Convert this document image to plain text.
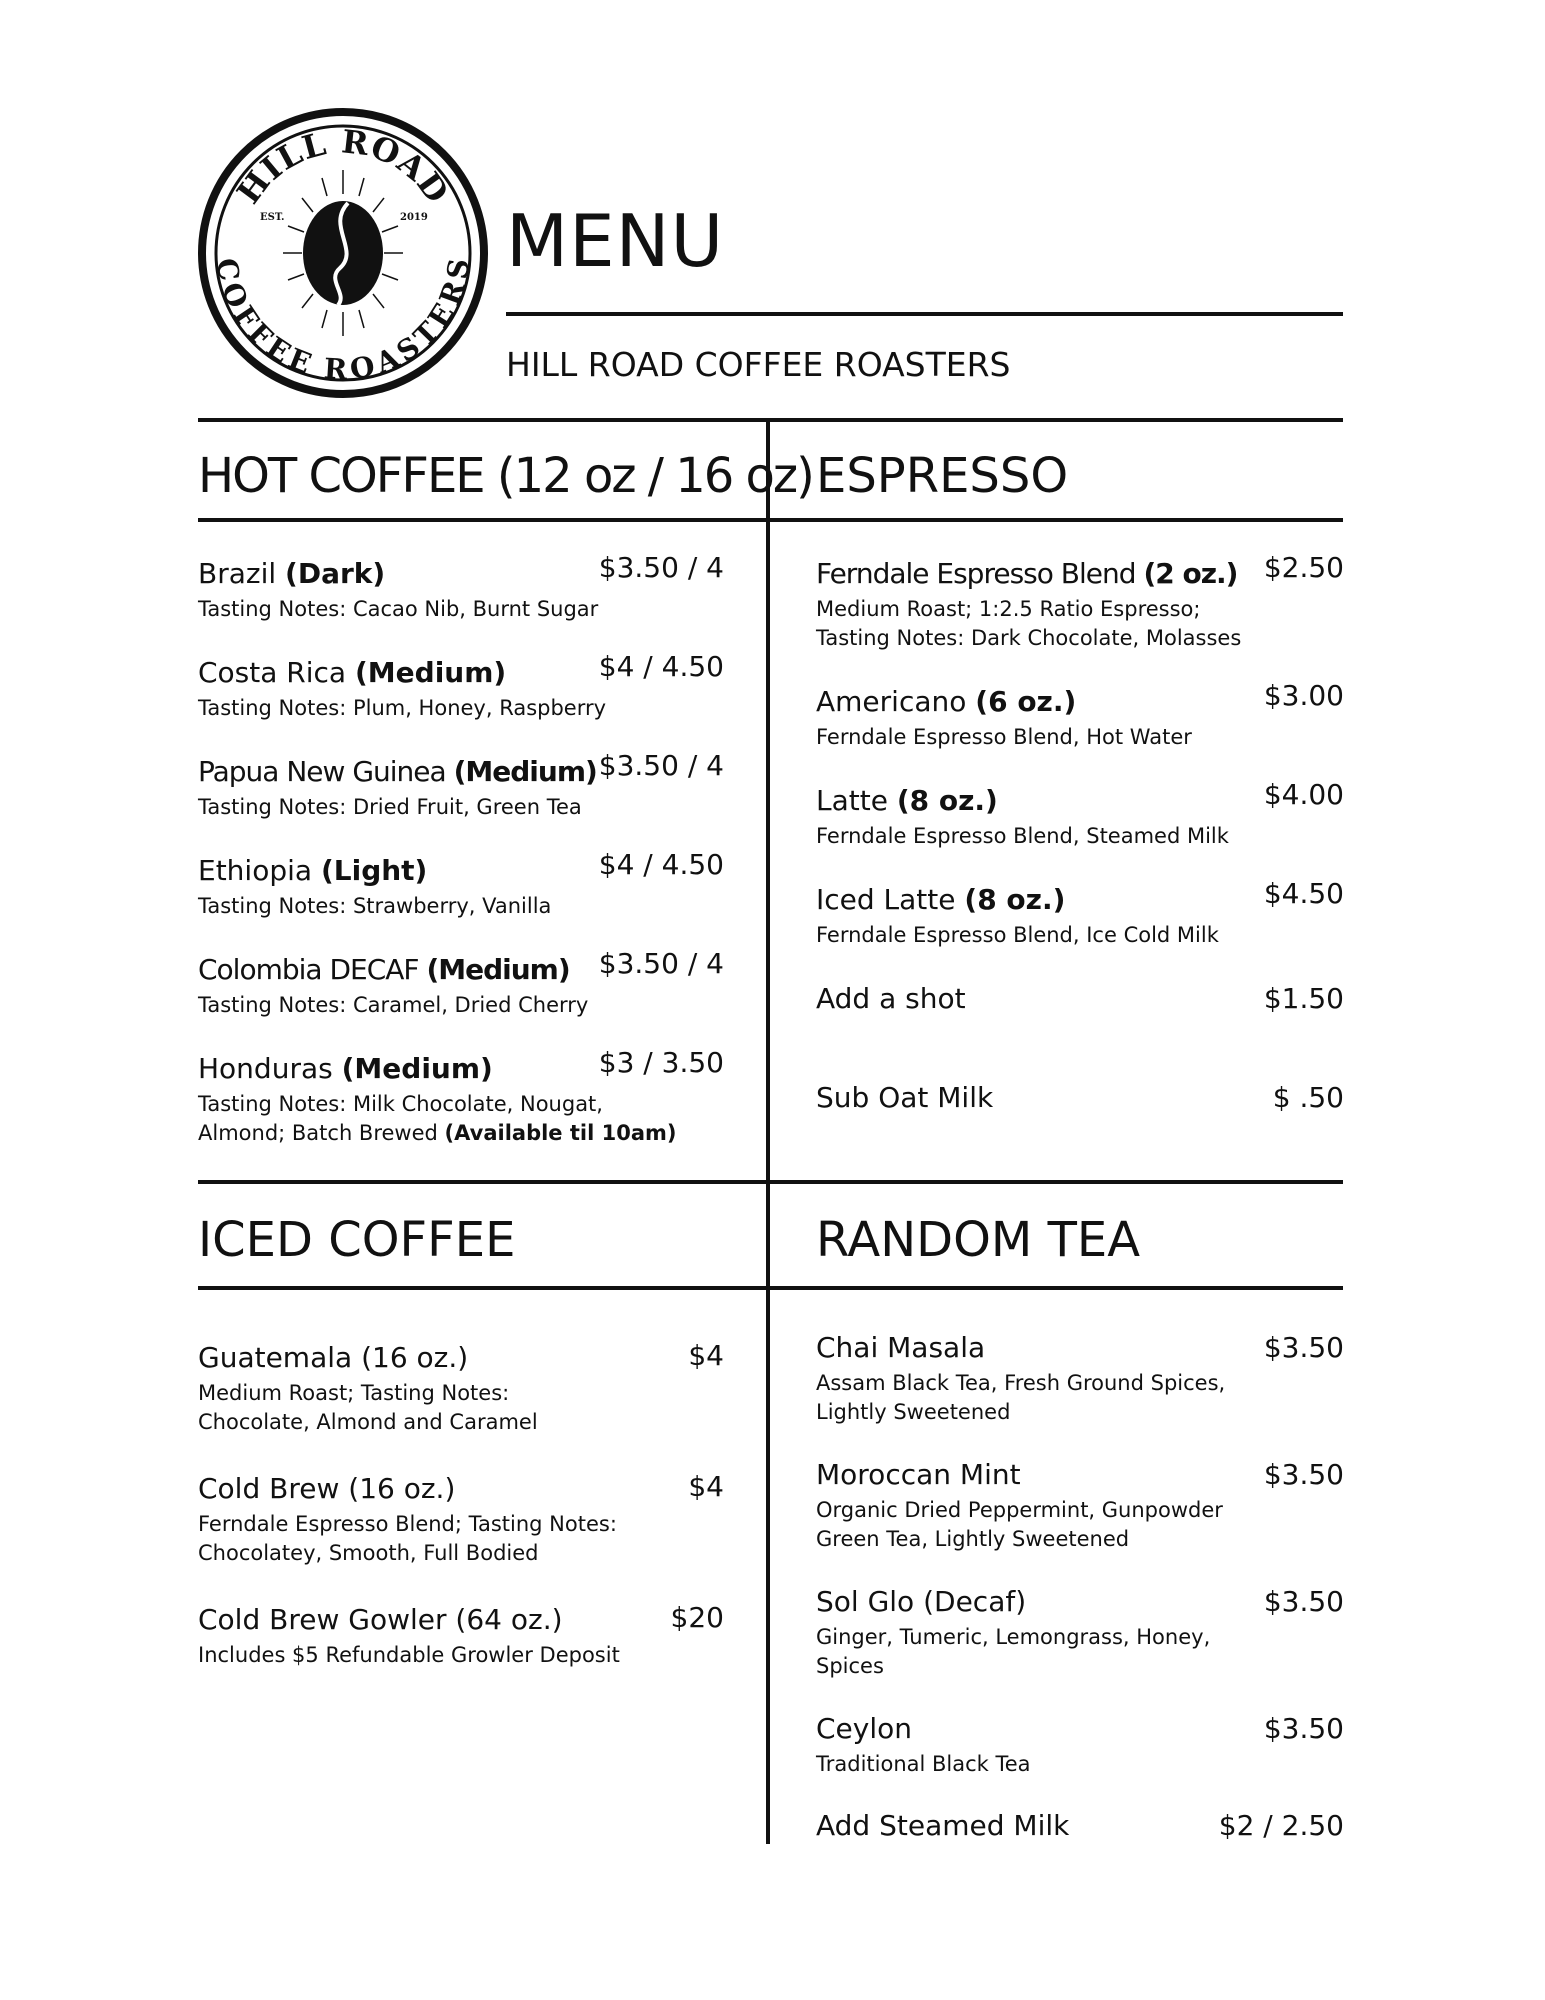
HILL ROAD
COFFEE ROASTERS
EST.	2019 MENU
HILL ROAD COFFEE ROASTERS
HOT COFFEE (12 oz / 16 oz) ESPRESSO
ICED COFFEE	RANDOM TEA
Brazil (Dark)	$3.50 / 4
Tasting Notes: Cacao Nib, Burnt Sugar
Costa Rica (Medium)	$4 / 4.50
Tasting Notes: Plum, Honey, Raspberry
Papua New Guinea (Medium) $3.50 / 4
Tasting Notes: Dried Fruit, Green Tea
Ethiopia (Light)	$4 / 4.50
Tasting Notes: Strawberry, Vanilla
Colombia DECAF (Medium) $3.50 / 4
Tasting Notes: Caramel, Dried Cherry
Honduras (Medium)	$3 / 3.50
Tasting Notes: Milk Chocolate, Nougat,
Almond; Batch Brewed (Available til 10am)
Ferndale Espresso Blend (2 oz.) $2.50
Medium Roast; 1:2.5 Ratio Espresso;
Tasting Notes: Dark Chocolate, Molasses
Americano (6 oz.)	$3.00
Ferndale Espresso Blend, Hot Water
Latte (8 oz.)	$4.00
Ferndale Espresso Blend, Steamed Milk
Iced Latte (8 oz.)	$4.50
Ferndale Espresso Blend, Ice Cold Milk
Add a shot	$1.50
Sub Oat Milk	$ .50
Guatemala (16 oz.)	$4
Medium Roast; Tasting Notes:
Chocolate, Almond and Caramel
Cold Brew (16 oz.)	$4
Ferndale Espresso Blend; Tasting Notes:
Chocolatey, Smooth, Full Bodied
Cold Brew Gowler (64 oz.)	$20
Includes $5 Refundable Growler Deposit
Chai Masala	$3.50
Assam Black Tea, Fresh Ground Spices,
Lightly Sweetened
Moroccan Mint	$3.50
Organic Dried Peppermint, Gunpowder
Green Tea, Lightly Sweetened
Sol Glo (Decaf)	$3.50
Ginger, Tumeric, Lemongrass, Honey,
Spices
Ceylon	$3.50
Traditional Black Tea
Add Steamed Milk	$2 / 2.50
